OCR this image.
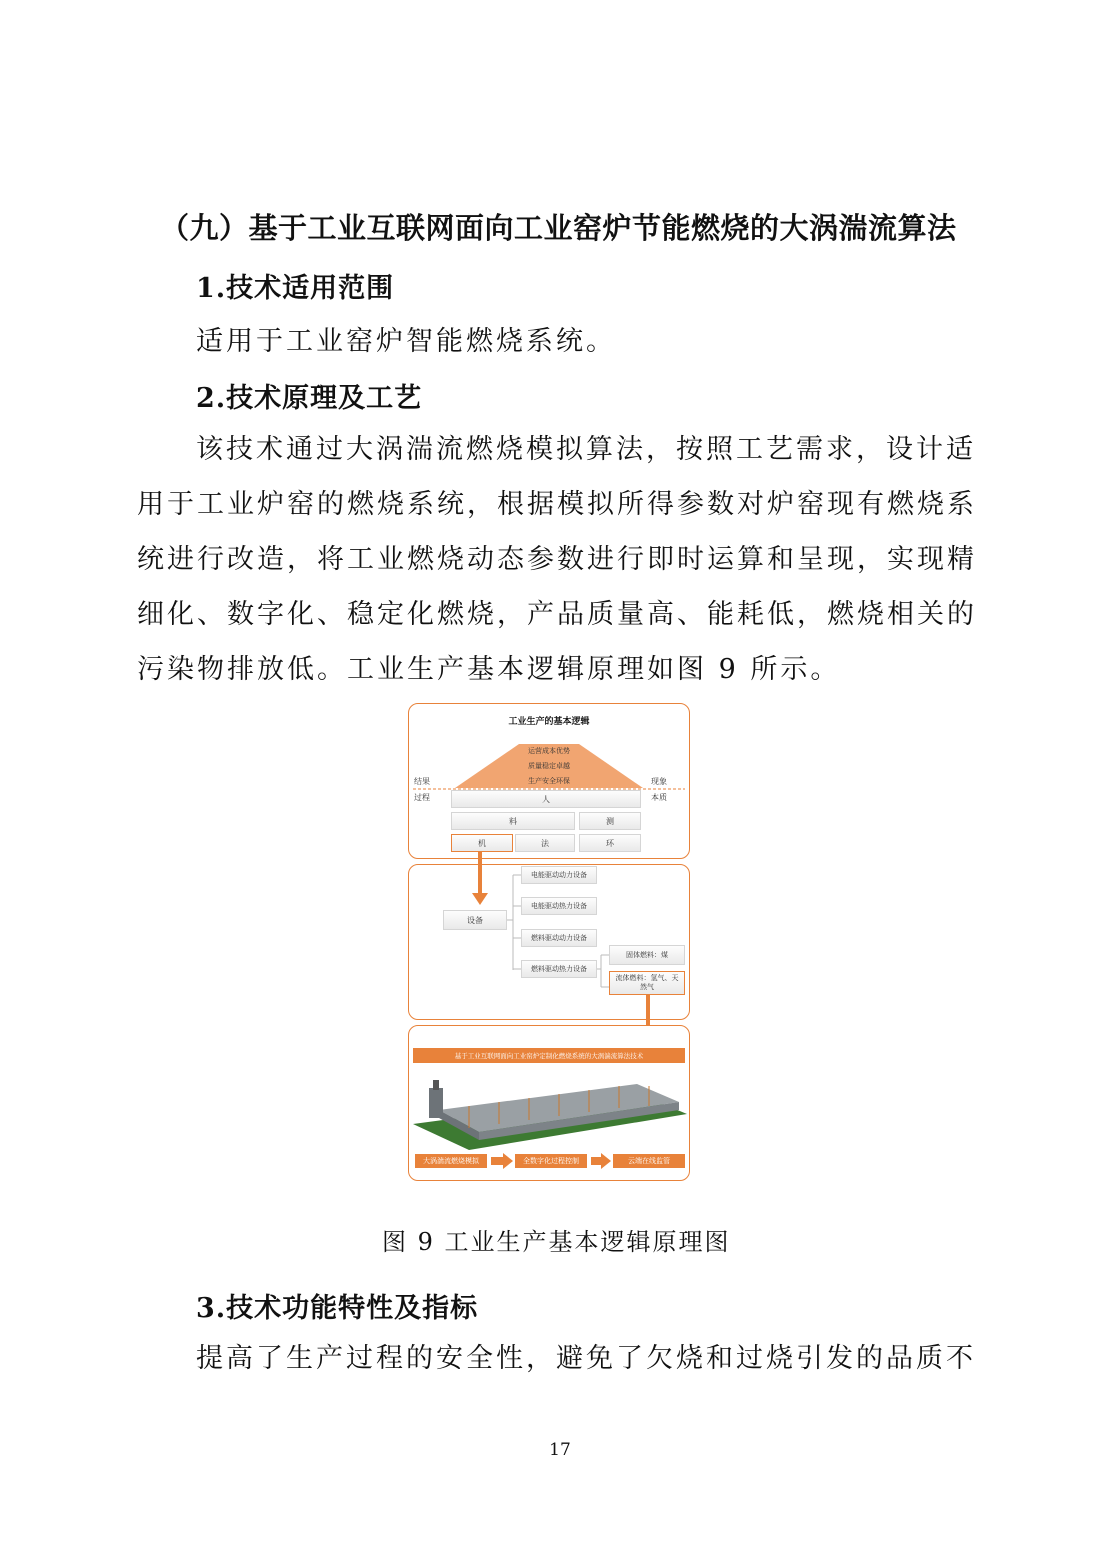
（九）基于工业互联网面向工业窑炉节能燃烧的大涡湍流算法
1.技术适用范围
适用于工业窑炉智能燃烧系统。
2.技术原理及工艺
该技术通过大涡湍流燃烧模拟算法，按照工艺需求，设计适
用于工业炉窑的燃烧系统，根据模拟所得参数对炉窑现有燃烧系
统进行改造，将工业燃烧动态参数进行即时运算和呈现，实现精
细化、数字化、稳定化燃烧，产品质量高、能耗低，燃烧相关的
污染物排放低。工业生产基本逻辑原理如图 9 所示。
工业生产的基本逻辑
运营成本优势
质量稳定卓越
生产安全环保
结果
过程
现象
本质
人
料	测
机	法	环
设备
电能驱动动力设备
电能驱动热力设备
燃料驱动动力设备
燃料驱动热力设备
固体燃料：煤
流体燃料：氢气、天然气
基于工业互联网面向工业窑炉定制化燃烧系统的大涡湍流算法技术
大涡湍流燃烧模拟	全数字化过程控制	云端在线监管
图 9 工业生产基本逻辑原理图
3.技术功能特性及指标
提高了生产过程的安全性，避免了欠烧和过烧引发的品质不
17
